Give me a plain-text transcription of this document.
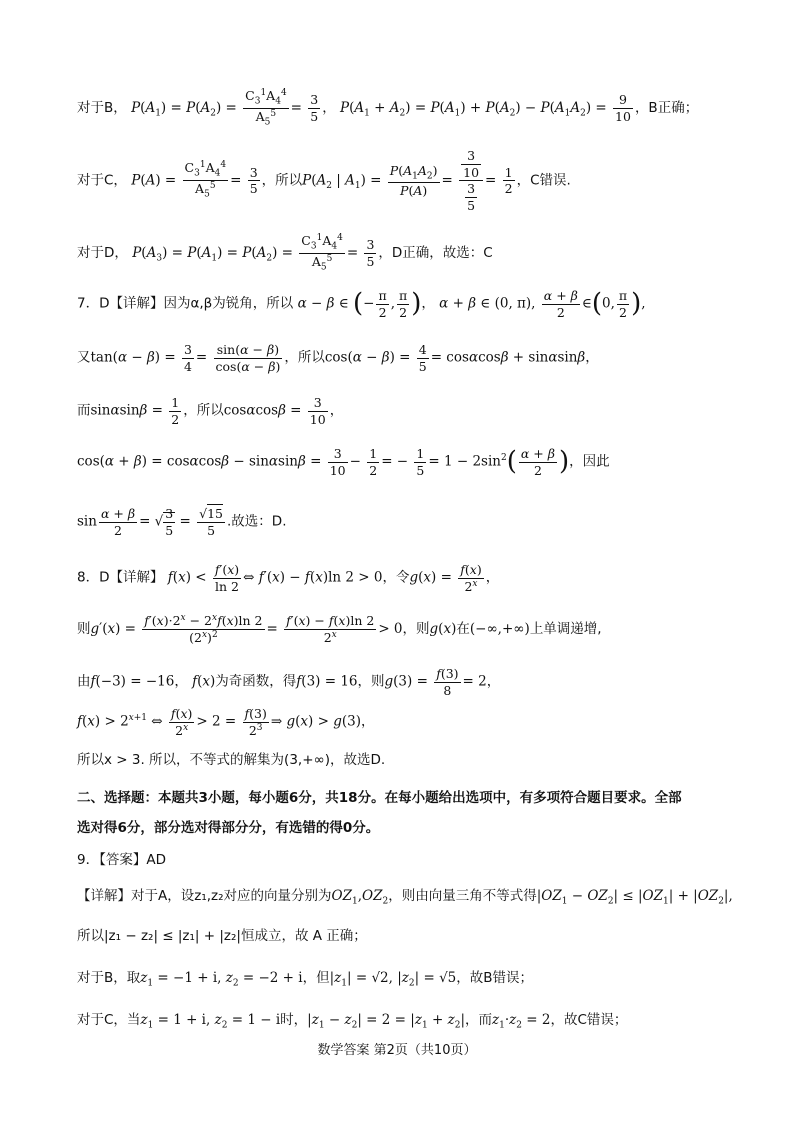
对于B， $P(A_1) = P(A_2) = \frac{C_3^1A_4^4}{A_5^5} = \frac{3}{5}$ ， $P(A_1 + A_2) = P(A_1) + P(A_2) - P(A_1A_2) = \frac{9}{10}$ ，B正确；
对于C， $P(A) = \frac{C_3^1A_4^4}{A_5^5} = \frac{3}{5}$ ，所以$P(A_2$ | $A_1) = \frac{P(A_1A_2)}{P(A)} = \frac{\frac{3}{10}}{\frac{3}{5}} = \frac{1}{2}$ ，C错误.
对于D， $P(A_3) = P(A_1) = P(A_2) = \frac{C_3^1A_4^4}{A_5^5} = \frac{3}{5}$ ，D正确，故选：C
7．D【详解】因为α,β为锐角，所以 α − β ∈ (− $\frac{\pi}{2}$ , $\frac{\pi}{2}$ )， α + β ∈ (0, π), $\frac{\alpha + \beta}{2}$ ∈(0, $\frac{\pi}{2}$ ),
又$\tan(\alpha - \beta) = \frac{3}{4} = \frac{\sin(\alpha - \beta)}{\cos(\alpha - \beta)}$ ，所以$\cos(\alpha - \beta) = \frac{4}{5} = \cos\alpha\cos\beta + \sin\alpha\sin\beta$，
而$\sin\alpha\sin\beta = \frac{1}{2}$ ，所以$\cos\alpha\cos\beta = \frac{3}{10}$ ，
$\cos(\alpha + \beta) = \cos\alpha\cos\beta - \sin\alpha\sin\beta = \frac{3}{10} - \frac{1}{2}$ = − $\frac{1}{5} = 1 - 2\sin^2( \frac{\alpha + \beta}{2}$ )，因此
$\sin \frac{\alpha + \beta}{2}$ = √ $\frac{3}{5} = \frac{√15}{5}$ .故选：D.
8．D【详解】 $f(x) < \frac{f'(x)}{\ln 2}$ ⇔ f′(x) − f(x)ln 2 > 0，令$g(x) = \frac{f(x)}{2^x}$ ，
则$g'(x) = \frac{f'(x)\cdot 2^x - 2^xf(x)\ln 2}{(2^x)^2} = \frac{f'(x) - f(x)\ln 2}{2^x} > 0$，则g(x)在(−∞,+∞)上单调递增,
由f(−3) = −16， f(x)为奇函数，得f(3) = 16，则$g(3) = \frac{f(3)}{8} = 2$，
$f(x) > 2^{x+1}$ ⇔ $\frac{f(x)}{2^x} > 2 = \frac{f(3)}{2^3}$ ⇒ g(x) > g(3)，
所以x > 3. 所以，不等式的解集为(3,+∞)，故选D.
二、选择题：本题共3小题，每小题6分，共18分。在每小题给出选项中，有多项符合题目要求。全部
选对得6分，部分选对得部分分，有选错的得0分。
9．【答案】AD
【详解】对于A，设z₁,z₂对应的向量分别为$OZ_1,OZ_2$，则由向量三角不等式得$|OZ_1 - OZ_2| \le |OZ_1| + |OZ_2|$,
所以|z₁ − z₂| ≤ |z₁| + |z₂|恒成立，故 A 正确；
对于B，取$z_1 = -1 + i$, $z_2 = -2 + i$，但$|z_1| = √2$, $|z_2| = √5$，故B错误；
对于C，当$z_1 = 1 + i$, $z_2 = 1 - i$时，$|z_1 - z_2| = 2 = |z_1 + z_2|$，而$z_1\cdot z_2 = 2$，故C错误；
数学答案 第2页（共10页）
